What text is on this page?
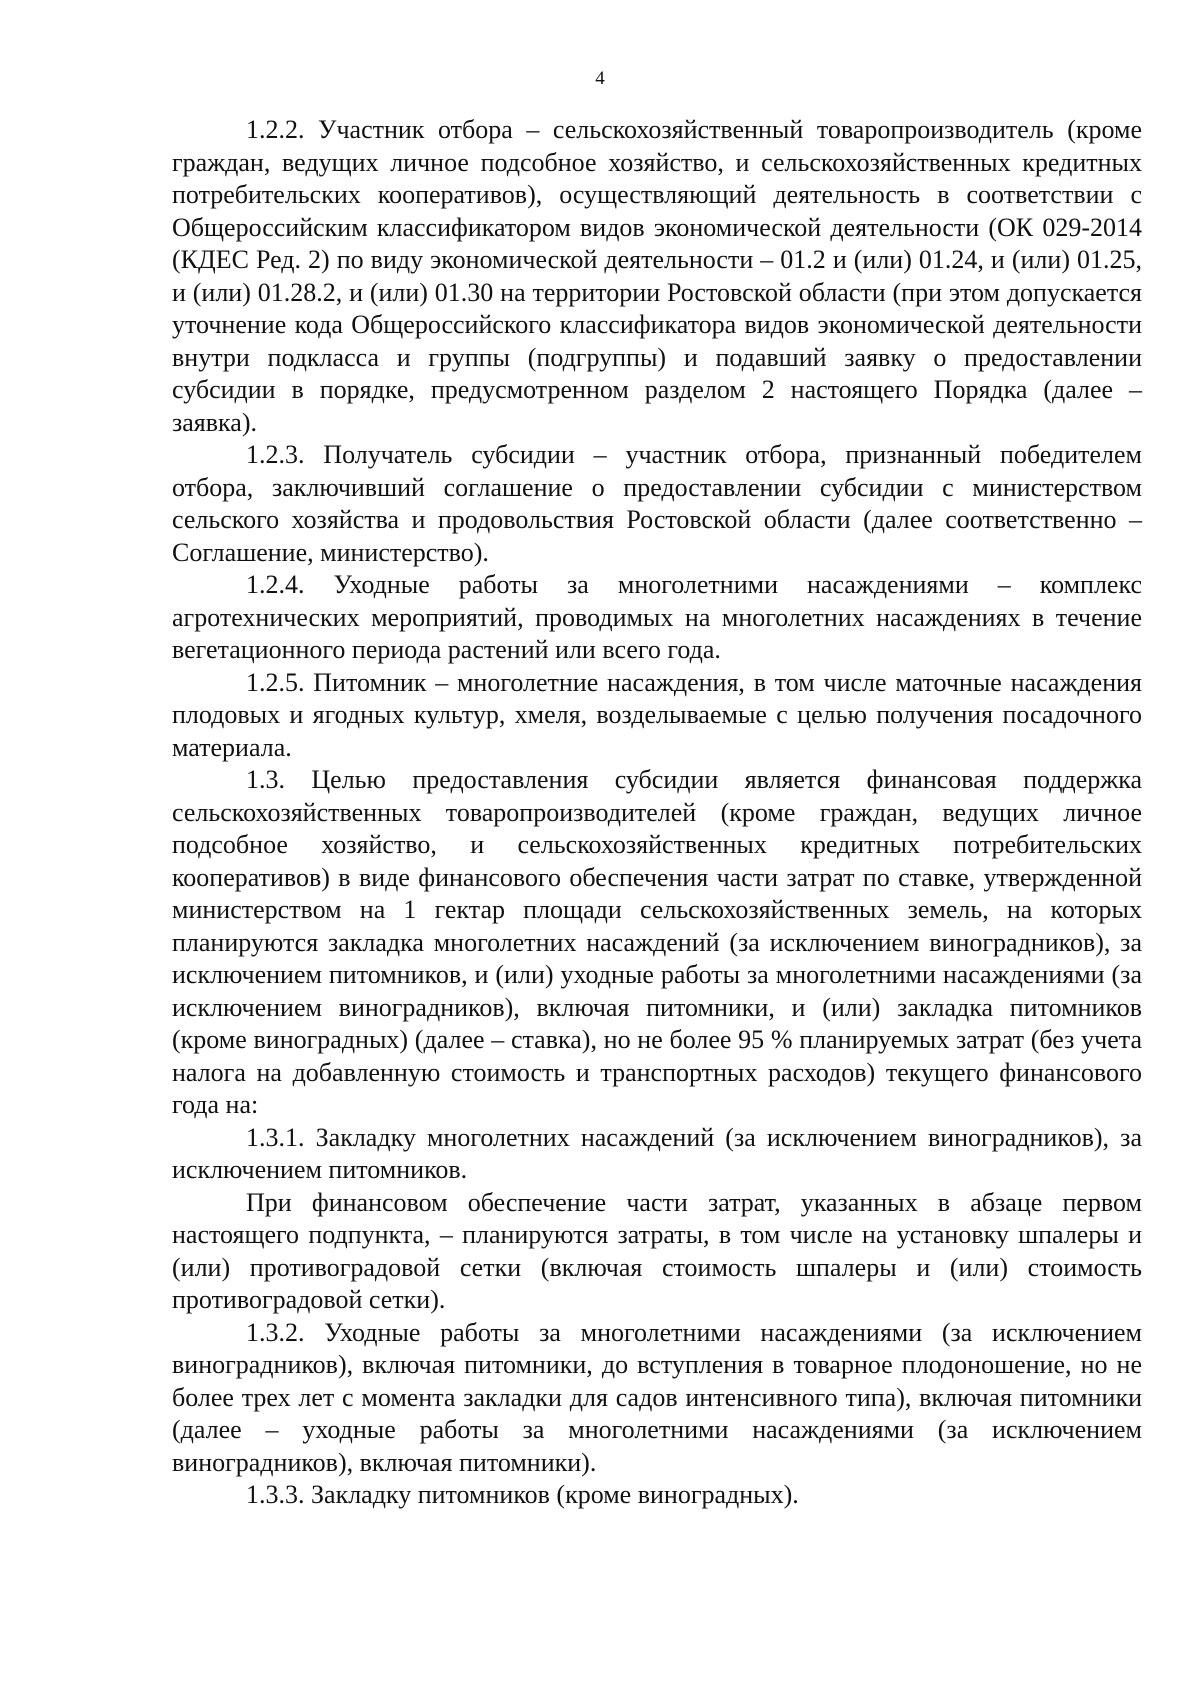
4

1.2.2. Участник отбора – сельскохозяйственный товаропроизводитель (кроме граждан, ведущих личное подсобное хозяйство, и сельскохозяйственных кредитных потребительских кооперативов), осуществляющий деятельность в соответствии с Общероссийским классификатором видов экономической деятельности (ОК 029-2014 (КДЕС Ред. 2) по виду экономической деятельности – 01.2 и (или) 01.24, и (или) 01.25, и (или) 01.28.2, и (или) 01.30 на территории Ростовской области (при этом допускается уточнение кода Общероссийского классификатора видов экономической деятельности внутри подкласса и группы (подгруппы) и подавший заявку о предоставлении субсидии в порядке, предусмотренном разделом 2 настоящего Порядка (далее – заявка).

1.2.3. Получатель субсидии – участник отбора, признанный победителем отбора, заключивший соглашение о предоставлении субсидии с министерством сельского хозяйства и продовольствия Ростовской области (далее соответственно – Соглашение, министерство).

1.2.4. Уходные работы за многолетними насаждениями – комплекс агротехнических мероприятий, проводимых на многолетних насаждениях в течение вегетационного периода растений или всего года.

1.2.5. Питомник – многолетние насаждения, в том числе маточные насаждения плодовых и ягодных культур, хмеля, возделываемые с целью получения посадочного материала.

1.3. Целью предоставления субсидии является финансовая поддержка сельскохозяйственных товаропроизводителей (кроме граждан, ведущих личное подсобное хозяйство, и сельскохозяйственных кредитных потребительских кооперативов) в виде финансового обеспечения части затрат по ставке, утвержденной министерством на 1 гектар площади сельскохозяйственных земель, на которых планируются закладка многолетних насаждений (за исключением виноградников), за исключением питомников, и (или) уходные работы за многолетними насаждениями (за исключением виноградников), включая питомники, и (или) закладка питомников (кроме виноградных) (далее – ставка), но не более 95 % планируемых затрат (без учета налога на добавленную стоимость и транспортных расходов) текущего финансового года на:

1.3.1. Закладку многолетних насаждений (за исключением виноградников), за исключением питомников.

При финансовом обеспечение части затрат, указанных в абзаце первом настоящего подпункта, – планируются затраты, в том числе на установку шпалеры и (или) противоградовой сетки (включая стоимость шпалеры и (или) стоимость противоградовой сетки).

1.3.2. Уходные работы за многолетними насаждениями (за исключением виноградников), включая питомники, до вступления в товарное плодоношение, но не более трех лет с момента закладки для садов интенсивного типа), включая питомники (далее – уходные работы за многолетними насаждениями (за исключением виноградников), включая питомники).

1.3.3. Закладку питомников (кроме виноградных).
